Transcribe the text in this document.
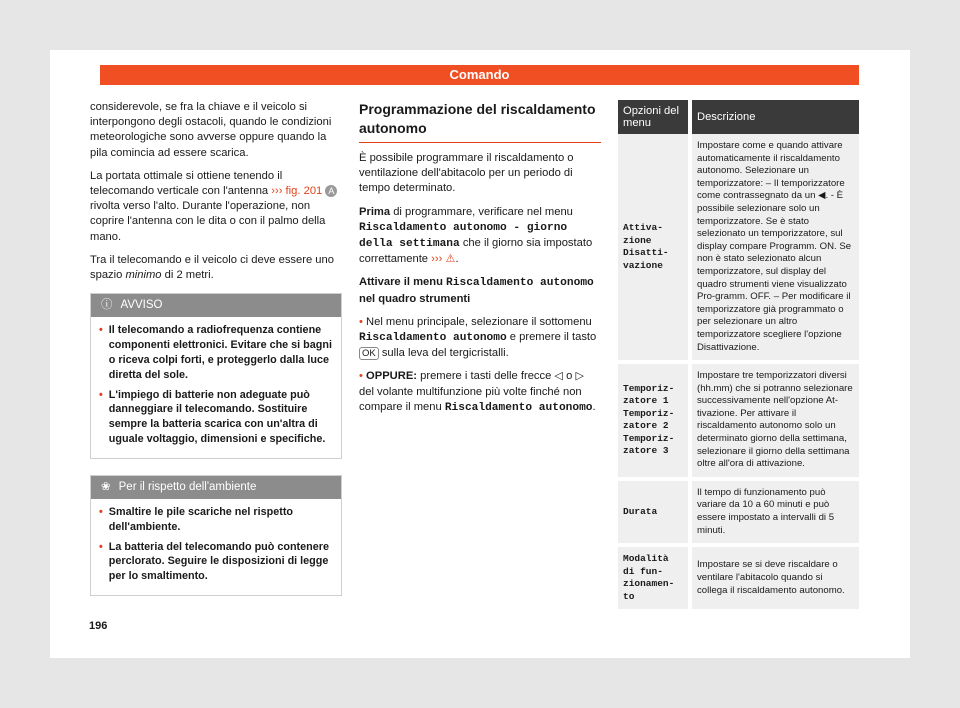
Comando

considerevole, se fra la chiave e il veicolo si interpongono degli ostacoli, quando le condizioni meteorologiche sono avverse oppure quando la pila comincia ad essere scarica.

La portata ottimale si ottiene tenendo il telecomando verticale con l'antenna ››› fig. 201 A rivolta verso l'alto. Durante l'operazione, non coprire l'antenna con le dita o con il palmo della mano.

Tra il telecomando e il veicolo ci deve essere uno spazio minimo di 2 metri.

ⓘ AVVISO
• Il telecomando a radiofrequenza contiene componenti elettronici. Evitare che si bagni o riceva colpi forti, e proteggerlo dalla luce diretta del sole.
• L'impiego di batterie non adeguate può danneggiare il telecomando. Sostituire sempre la batteria scarica con un'altra di uguale voltaggio, dimensioni e specifiche.
❀ Per il rispetto dell'ambiente
• Smaltire le pile scariche nel rispetto dell'ambiente.
• La batteria del telecomando può contenere perclorato. Seguire le disposizioni di legge per lo smaltimento.
Programmazione del riscaldamento autonomo

È possibile programmare il riscaldamento o ventilazione dell'abitacolo per un periodo di tempo determinato.

Prima di programmare, verificare nel menu Riscaldamento autonomo - giorno della settimana che il giorno sia impostato correttamente ››› ⚠.

Attivare il menu Riscaldamento autonomo nel quadro strumenti

• Nel menu principale, selezionare il sottomenu Riscaldamento autonomo e premere il tasto OK sulla leva del tergicristalli.

• OPPURE: premere i tasti delle frecce ◁ o ▷ del volante multifunzione più volte finché non compare il menu Riscaldamento autonomo.

Opzioni del menu	Descrizione
Attiva-zione Disatti-vazione	Impostare come e quando attivare automaticamente il riscaldamento autonomo. Selezionare un temporizzatore: – Il temporizzatore come contrassegnato da un ◀. - È possibile selezionare solo un temporizzatore. Se è stato selezionato un temporizzatore, sul display compare Programm. ON. Se non è stato selezionato alcun temporizzatore, sul display del quadro strumenti viene visualizzato Pro-gramm. OFF. – Per modificare il temporizzatore già programmato o per selezionare un altro temporizzatore scegliere l'opzione Disattivazione.
Temporiz-zatore 1 Temporiz-zatore 2 Temporiz-zatore 3	Impostare tre temporizzatori diversi (hh.mm) che si potranno selezionare successivamente nell'opzione At-tivazione. Per attivare il riscaldamento autonomo solo un determinato giorno della settimana, selezionare il giorno della settimana oltre all'ora di attivazione.
Durata	Il tempo di funzionamento può variare da 10 a 60 minuti e può essere impostato a intervalli di 5 minuti.
Modalità di fun-zionamen-to	Impostare se si deve riscaldare o ventilare l'abitacolo quando si collega il riscaldamento autonomo.
196
